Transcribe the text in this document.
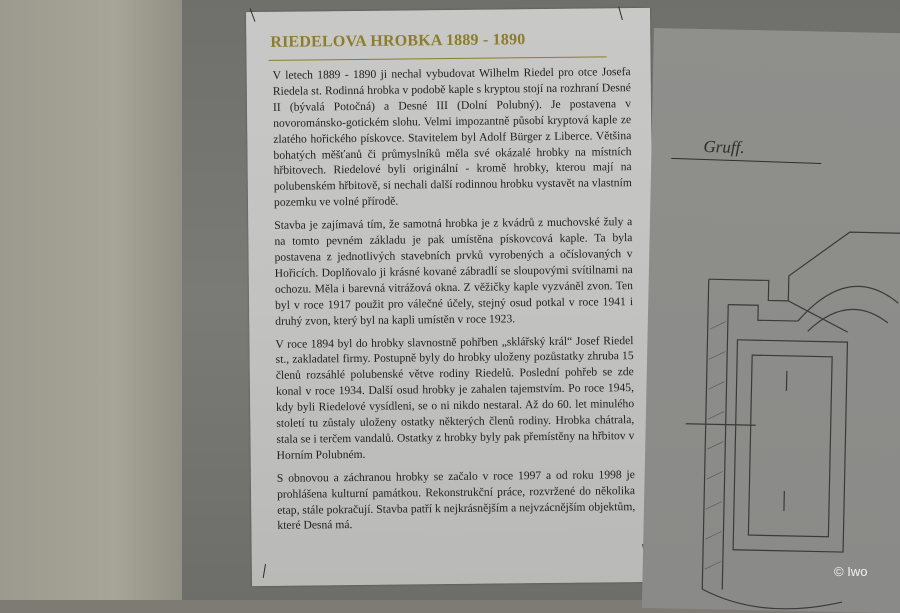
RIEDELOVA HROBKA 1889 - 1890

V letech 1889 - 1890 ji nechal vybudovat Wilhelm Riedel pro otce Josefa Riedela st. Rodinná hrobka v podobě kaple s kryptou stojí na rozhraní Desné II (bývalá Potočná) a Desné III (Dolní Polubný). Je postavena v novorománsko-gotickém slohu. Velmi impozantně působí kryptová kaple ze zlatého hořického pískovce. Stavitelem byl Adolf Bürger z Liberce. Většina bohatých měšťanů či průmyslníků měla své okázalé hrobky na místních hřbitovech. Riedelové byli originální - kromě hrobky, kterou mají na polubenském hřbitově, si nechali další rodinnou hrobku vystavět na vlastním pozemku ve volné přírodě.

Stavba je zajímavá tím, že samotná hrobka je z kvádrů z muchovské žuly a na tomto pevném základu je pak umístěna pískovcová kaple. Ta byla postavena z jednotlivých stavebních prvků vyrobených a očíslovaných v Hořicích. Doplňovalo ji krásné kované zábradlí se sloupovými svítilnami na ochozu. Měla i barevná vitrážová okna. Z věžičky kaple vyzváněl zvon. Ten byl v roce 1917 použit pro válečné účely, stejný osud potkal v roce 1941 i druhý zvon, který byl na kapli umístěn v roce 1923.

V roce 1894 byl do hrobky slavnostně pohřben „sklářský král“ Josef Riedel st., zakladatel firmy. Postupně byly do hrobky uloženy pozůstatky zhruba 15 členů rozsáhlé polubenské větve rodiny Riedelů. Poslední pohřeb se zde konal v roce 1934. Další osud hrobky je zahalen tajemstvím. Po roce 1945, kdy byli Riedelové vysídleni, se o ni nikdo nestaral. Až do 60. let minulého století tu zůstaly uloženy ostatky některých členů rodiny. Hrobka chátrala, stala se i terčem vandalů. Ostatky z hrobky byly pak přemístěny na hřbitov v Horním Polubném.

S obnovou a záchranou hrobky se začalo v roce 1997 a od roku 1998 je prohlášena kulturní památkou. Rekonstrukční práce, rozvržené do několika etap, stále pokračují. Stavba patří k nejkrásnějším a nejvzácnějším objektům, které Desná má.

Gruff.
© Iwo
